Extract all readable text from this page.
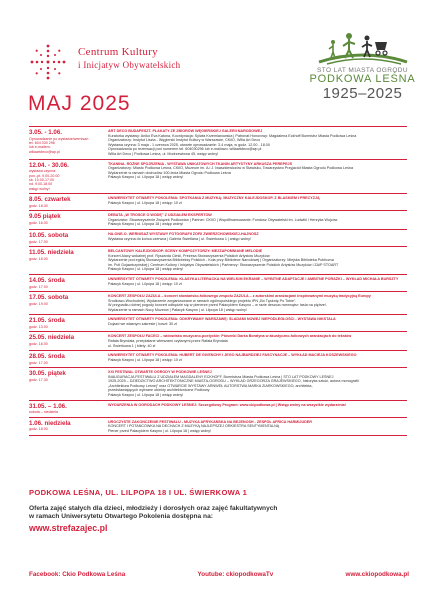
Centrum Kultury
i Inicjatyw Obywatelskich
STO LAT MIASTA OGRODU
PODKOWA LEŚNA
1925–2025
MAJ 2025
3.05. - 1.06.
Oprowadzanie po wystawie/wernisaż:
tel. 604 030 296
lub e-mailem:
willaartdeco@wp.pl
ART DECO BUDAPESZT. PLAKATY ZE ZBIORÓW WĘGIERSKIEJ GALERII NARODOWEJ
Kuratorka wystawy: Anikó Éva Katona, Koordynacja: Sylwia Krzemianowska | Patronat Honorowy: Magdalena Eckhoff Burmistrz Miasta Podkowa Leśna
Organizatorzy: Instytut Liszta - Węgierski Instytut Kultury w Warszawie, CKiIO, Willa Art Deco
Wystawa czynna: 3 maja - 1 czerwca 2025, otwarte oprowadzanie: 3-4 maja, w godz. 12.00 - 18.00
Oprowadzania po rezerwacji pod numerem tel. 604030296 lub e-mailowo: willaartdeco@wp.pl
Willa Art Deco | Podkowa Leśna, ul. Modrzewiowa 45, wstęp wolny!
12.04. - 30.06.
wystawa czynna:
pon.-pt. 9.00-20.00
sb. 10.00-17.00
nd. 9.00-18.00
wstęp wolny!
TKANINA. RÓŻNE SPOJRZENIA - WYSTAWA UNIKATOWYCH TKANIN ARTYSTYNY ARKUSZA PEREPEJŚ
Organizatorzy: Miasto Podkowa Leśna, CKiIO, Muzeum im. A.i J. Iwaszkiewiczów w Stawisku, Towarzystwo Przyjaciół Miasta Ogrodu Podkowa Leśna
Wydarzenie w ramach obchodów 100-lecia Miasta Ogrodu Podkowa Leśna
Pałacyk Kasyno | ul. Lilpopa 18 | wstęp wolny!
8.05. czwartek
godz. 18.30
UNIWERSYTET OTWARTY POKOLENIA: SPOTKANIA Z MUZYKĄ: MUZYCZNY KALEJDOSKOP. Z BLASKIEM I PRECYZJĄ
Pałacyk Kasyno | ul. Lilpopa 18 | wstęp: 10 zł
9.05 piątek
godz. 16.00
DEBATA „W TROSCE O WODĘ” Z UDZIAŁEM EKSPERTÓW
Organizator: Stowarzyszenie Związek Podkowian | Partner: CKiIO | Współfinansowanie: Fundusz Obywatelski im. Ludwiki i Henryka Wujców
Pałacyk Kasyno | ul. Lilpopa 18 | wstęp wolny!
10.05. sobota
godz. 17.00
HA-ONE-O. WERNISAŻ WYSTAWY FOTOGRAFII ZOFII ZWIERZCHOWSKIEJ-HAJNOSZ
Wystawa czynna do końca czerwca | Galeria Świetlana | ul. Świerkowa 1 | wstęp wolny!
11.05. niedziela
godz. 16.00
BELCANTOWY KALEJDOSKOP. SCENY KOMPOZYTORZY: MEZZAPOMNIANE MELODIE
Koncert Alaxy wokalnej prof. Ryszarda Cieśli, Prezesa Stowarzyszenia Polskich Artystów Muzyków.
Wydarzenie pod egidą Stowarzyszenia Biblioteksy Polskich - Koła przy Bibliotece Narodowej | Organizatorzy: Miejska Biblioteka Publiczna
im. Poli Gojawiczyńskiej | Centrum Kultury i Inicjatyw Obywatelskich | Partnerzy: Stowarzyszenie Polskich Artystów Muzyków i ZAiP STOART
Pałacyk Kasyno | ul. Lilpopa 18 | wstęp wolny!
14.05. środa
godz. 17.00
UNIWERSYTET OTWARTY POKOLENIA: KLASYKA LITERACKA NA WIELKIM EKRANIE – WYBITNE ADAPTACJE I AMBITNE PORAŻKI – WYKŁAD MICHAŁA BURSZTY
Pałacyk Kasyno | ul. Lilpopa 18 | wstęp: 10 zł
17.05. sobota
godz. 19.00
KONCERT ZESPOŁU ZAZULA – koncert słowiańsko-folkowego zespołu ZAZULA – z autorskimi aranżacjami inspirowanymi muzyką tradycyjną Europy
Środkowo-Wschodniej. Wydarzenie zorganizowane w ramach ogólnopolskiego projektu IPN „Bo Tęsknię Po Tobie”.
W przypadku dobrej pogody koncert odbędzie się w plenerze przed Pałacykiem Kasyno – w razie deszczu wewnątrz: łasia na piętrze!.
Wydarzenie w ramach Nocy Muzeów | Pałacyk Kasyno | ul. Lilpopa 18 | wstęp wolny!
21.05. środa
godz. 13.00
UNIWERSYTET OTWARTY POKOLENIA: ODKRYWAMY WARSZAWĘ: ŚLADAMI NOWEJ NIEPODLEGŁOŚCI - WYSTAWA NIKSTALA
Dojazd we własnym zakresie | koszt: 30 zł
25.05. niedziela
godz. 16.00
KONCERT ZESPOŁU FACECI – widowisko muzyczno-poetyckie: Piosenki Darka Borałyna w akustyczno-folkowych aranżacjach do tekstów
Rafała Bryndala, przeplatane wierszami czytanymi przez Rafała Bryndala
ul. Świerkowa 1 | bilety: 40 zł
28.05. środa
godz. 17.00
UNIWERSYTET OTWARTY POKOLENIA: HUBERT DE GIVENCHY I JEGO NAJBARDZIEJ FASCYNACJE – WYKŁAD MACIEJA KOSZEWSKIEGO
Pałacyk Kasyno | ul. Lilpopa 18 | wstęp: 10 zł
30.05. piątek
godz. 17.30
XXI FESTIWAL OTWARTE OGRODY W PODKOWIE LEŚNEJ
INAUGURACJA FESTIWALU Z UDZIAŁEM MAGDALENY ECKHOFF, Burmistrza Miasta Podkowa Leśna | STO LAT PODKOWY LEŚNEJ
1925-2025 – DZIEDZICTWO ARCHITEKTONICZNE MIASTA-OGRODU – WYKŁAD GRZEGORZA GRAJEWSKIEGO, historyka sztuki, autora monografii
„Architektura Podkowy Leśnej” oraz OTWARCIE WYSTAWY ARNWEŁ AUTORSTWA MARKA ZIARKOWSKIEGO, architekta,
przedstawiających wybrane obiekty architektoniczne Podkowy
Pałacyk Kasyno | ul. Lilpopa 18 | wstęp wolny!
31.05. – 1.06.
sobota – niedziela
WYDARZENIA W OGRODACH PODKOWY LEŚNEJ: Szczegółowy Program: www.ckipodkowa.pl | Wstęp wolny na wszystkie wydarzenia!
1.06. niedziela
godz. 18.00
UROCZYSTE ZAKOŃCZENIE FESTIWALU - MUZYKA AFRYKAŃSKA NA BEJENOSH - ZESPÓŁ AFRICA HARMIJUDER
KONCERT I POTAŃCÓWKA NA DECHACH Z MUZYKĄ NAJLEPSZEJ ORKIESTRA SENTYMENTALNĄ
Plener przed Pałacykiem Kasyno | ul. Lilpopa 18 | wstęp wolny!
PODKOWA LEŚNA, UL. LILPOPA 18 I UL. ŚWIERKOWA 1
Oferta zajęć stałych dla dzieci, młodzieży i dorosłych oraz zajęć fakultatywnych
w ramach Uniwersytetu Otwartego Pokolenia dostępna na:
www.strefazajec.pl
Facebook: Ckio Podkowa Leśna	Youtube: ckiopodkowaTv	www.ckiopodkowa.pl
